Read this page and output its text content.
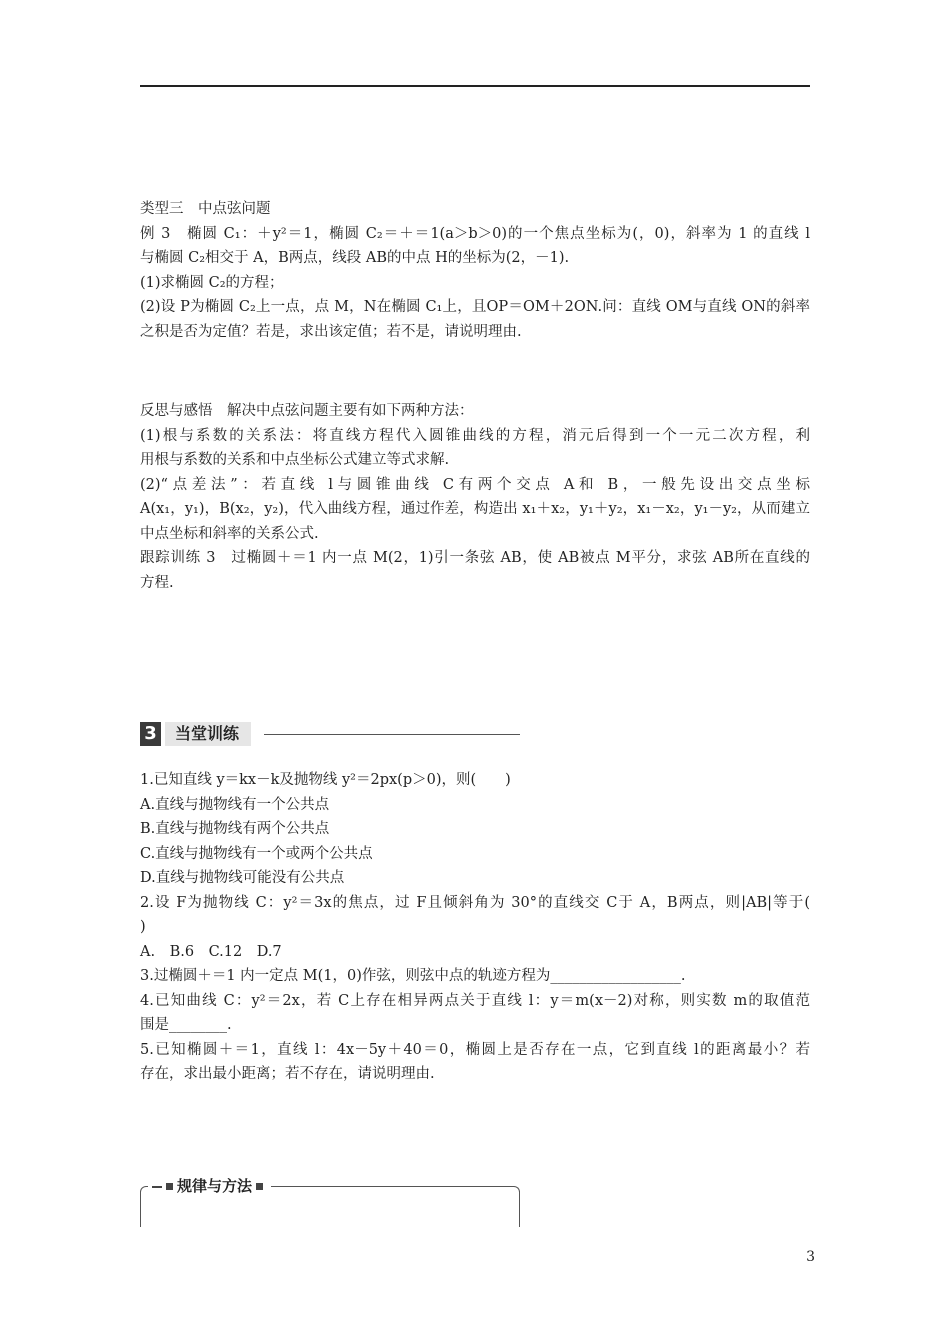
类型三　中点弦问题

例 3　椭圆 C₁：＋y²＝1，椭圆 C₂＝＋＝1(a＞b＞0)的一个焦点坐标为(，0)，斜率为 1 的直线 l

与椭圆 C₂相交于 A，B两点，线段 AB的中点 H的坐标为(2，－1).

(1)求椭圆 C₂的方程；

(2)设 P为椭圆 C₂上一点，点 M，N在椭圆 C₁上，且OP＝OM＋2ON.问：直线 OM与直线 ON的斜率

之积是否为定值？若是，求出该定值；若不是，请说明理由.

反思与感悟　解决中点弦问题主要有如下两种方法：

(1)根与系数的关系法：将直线方程代入圆锥曲线的方程，消元后得到一个一元二次方程，利

用根与系数的关系和中点坐标公式建立等式求解.

(2)“点差法”：若直线 l与圆锥曲线 C有两个交点 A和 B，一般先设出交点坐标

A(x₁，y₁)，B(x₂，y₂)，代入曲线方程，通过作差，构造出 x₁＋x₂，y₁＋y₂，x₁－x₂，y₁－y₂，从而建立

中点坐标和斜率的关系公式.

跟踪训练 3　过椭圆＋＝1 内一点 M(2，1)引一条弦 AB，使 AB被点 M平分，求弦 AB所在直线的

方程.

3	当堂训练

1.已知直线 y＝kx－k及抛物线 y²＝2px(p＞0)，则(　　)

A.直线与抛物线有一个公共点

B.直线与抛物线有两个公共点

C.直线与抛物线有一个或两个公共点

D.直线与抛物线可能没有公共点

2.设 F为抛物线 C：y²＝3x的焦点，过 F且倾斜角为 30°的直线交 C于 A，B两点，则|AB|等于(

)

A.　B.6　C.12　D.7

3.过椭圆＋＝1 内一定点 M(1，0)作弦，则弦中点的轨迹方程为__________________.

4.已知曲线 C：y²＝2x，若 C上存在相异两点关于直线 l：y＝m(x－2)对称，则实数 m的取值范

围是________.

5.已知椭圆＋＝1，直线 l：4x－5y＋40＝0，椭圆上是否存在一点，它到直线 l的距离最小？若

存在，求出最小距离；若不存在，请说明理由.

规律与方法
3
